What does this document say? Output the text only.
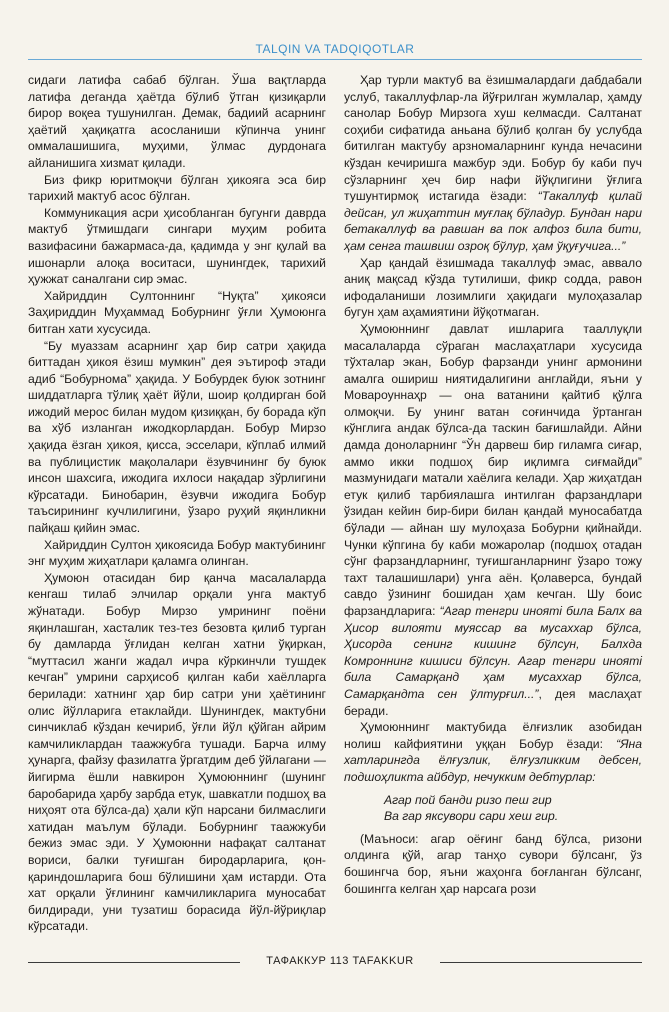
TALQIN VA TADQIQOTLAR

сидаги латифа сабаб бўлган. Ўша вақтларда латифа деганда ҳаётда бўлиб ўтган қизиқарли бирор воқеа тушунилган. Демак, бадиий асарнинг ҳаётий ҳақиқатга асосланиши кўпинча унинг оммалашишига, муҳими, ўлмас дурдонага айланишига хизмат қилади.

Биз фикр юритмоқчи бўлган ҳикояга эса бир тарихий мактуб асос бўлган.

Коммуникация асри ҳисобланган бугунги даврда мактуб ўтмишдаги сингари муҳим робита вазифасини бажармаса-да, қадимда у энг қулай ва ишонарли алоқа воситаси, шунингдек, тарихий ҳужжат саналгани сир эмас.

Хайриддин Султоннинг “Нуқта” ҳикояси Заҳириддин Муҳаммад Бобурнинг ўғли Ҳумоюнга битган хати хусусида.

“Бу муаззам асарнинг ҳар бир сатри ҳақида биттадан ҳикоя ёзиш мумкин” дея эътироф этади адиб “Бобурнома” ҳақида. У Бобурдек буюк зотнинг шиддатларга тўлиқ ҳаёт йўли, шоир қолдирган бой ижодий мерос билан мудом қизиққан, бу борада кўп ва хўб изланган ижодкорлардан. Бобур Мирзо ҳақида ёзган ҳикоя, қисса, эсселари, кўплаб илмий ва публицистик мақолалари ёзувчининг бу буюк инсон шахсига, ижодига ихлоси нақадар зўрлигини кўрсатади. Бинобарин, ёзувчи ижодига Бобур таъсирининг кучлилигини, ўзаро руҳий яқинликни пайқаш қийин эмас.

Хайриддин Султон ҳикоясида Бобур мактубининг энг муҳим жиҳатлари қаламга олинган.

Ҳумоюн отасидан бир қанча масалаларда кенгаш тилаб элчилар орқали унга мактуб жўнатади. Бобур Мирзо умрининг поёни яқинлашган, хасталик тез-тез безовта қилиб турган бу дамларда ўғлидан келган хатни ўқиркан, “муттасил жанги жадал ичра кўркинчли тушдек кечган” умрини сарҳисоб қилган каби хаёлларга берилади: хатнинг ҳар бир сатри уни ҳаётининг олис йўлларига етаклайди. Шунингдек, мактубни синчиклаб кўздан кечириб, ўғли йўл қўйган айрим камчиликлардан таажжубга тушади. Барча илму ҳунарга, файзу фазилатга ўргатдим деб ўйлагани — йигирма ёшли навкирон Ҳумоюннинг (шунинг баробарида ҳарбу зарбда етук, шавкатли подшоҳ ва ниҳоят ота бўлса-да) ҳали кўп нарсани билмаслиги хатидан маълум бўлади. Бобурнинг таажжуби бежиз эмас эди. У Ҳумоюнни нафақат салтанат вориси, балки туғишган биродарларига, қон-қариндошларига бош бўлишини ҳам истарди. Ота хат орқали ўғлининг камчиликларига муносабат билдиради, уни тузатиш борасида йўл-йўриқлар кўрсатади.

Ҳар турли мактуб ва ёзишмалардаги дабдабали услуб, такаллуфлар-ла йўғрилган жумлалар, ҳамду санолар Бобур Мирзога хуш келмасди. Салтанат соҳиби сифатида аньана бўлиб қолган бу услубда битилган мактубу арзномаларнинг кунда нечасини кўздан кечиришга мажбур эди. Бобур бу каби пуч сўзларнинг ҳеч бир нафи йўқлигини ўғлига тушунтирмоқ истагида ёзади: “Такаллуф қилай дейсан, ул жиҳаттин муғлақ бўладур. Бундан нари бетакаллуф ва равшан ва пок алфоз била бити, ҳам сенга ташвиш озроқ бўлур, ҳам ўқуғучига...”

Ҳар қандай ёзишмада такаллуф эмас, аввало аниқ мақсад кўзда тутилиши, фикр содда, равон ифодаланиши лозимлиги ҳақидаги мулоҳазалар бугун ҳам аҳамиятини йўқотмаган.

Ҳумоюннинг давлат ишларига тааллуқли масалаларда сўраган маслаҳатлари хусусида тўхталар экан, Бобур фарзанди унинг армонини амалга ошириш ниятидалигини англайди, яъни у Мовароуннаҳр — она ватанини қайтиб қўлга олмоқчи. Бу унинг ватан соғинчида ўртанган кўнглига андак бўлса-да таскин бағишлайди. Айни дамда доноларнинг “Ўн дарвеш бир гиламга сиғар, аммо икки подшоҳ бир иқлимга сиғмайди” мазмунидаги матали хаёлига келади. Ҳар жиҳатдан етук қилиб тарбиялашга интилган фарзандлари ўзидан кейин бир-бири билан қандай муносабатда бўлади — айнан шу мулоҳаза Бобурни қийнайди. Чунки кўпгина бу каби можаролар (подшоҳ отадан сўнг фарзандларнинг, туғишганларнинг ўзаро тожу тахт талашишлари) унга аён. Қолаверса, бундай савдо ўзининг бошидан ҳам кечган. Шу боис фарзандларига: “Агар тенгри иноятi била Балх ва Ҳисор вилояти муяссар ва мусаххар бўлса, Ҳисорда сенинг кишинг бўлсун, Балхда Комроннинг кишиси бўлсун. Агар тенгри иноятi била Самарқанд ҳам мусаххар бўлса, Самарқандта сен ўлтурғил...”, дея маслаҳат беради.

Ҳумоюннинг мактубида ёлғизлик азобидан нолиш кайфиятини уққан Бобур ёзади: “Яна хатларингда ёлғузлик, ёлғузликким дебсен, подшоҳликта айбдур, нечукким дебтурлар:

Агар пой банди ризо пеш гир

Ва гар яксувори сари хеш гир.

(Маъноси: агар оёғинг банд бўлса, ризони олдинга қўй, агар танҳо сувори бўлсанг, ўз бошингча бор, яъни жаҳонга боғланган бўлсанг, бошингга келган ҳар нарсага рози

ТАФАККУР 113 TAFAKKUR
